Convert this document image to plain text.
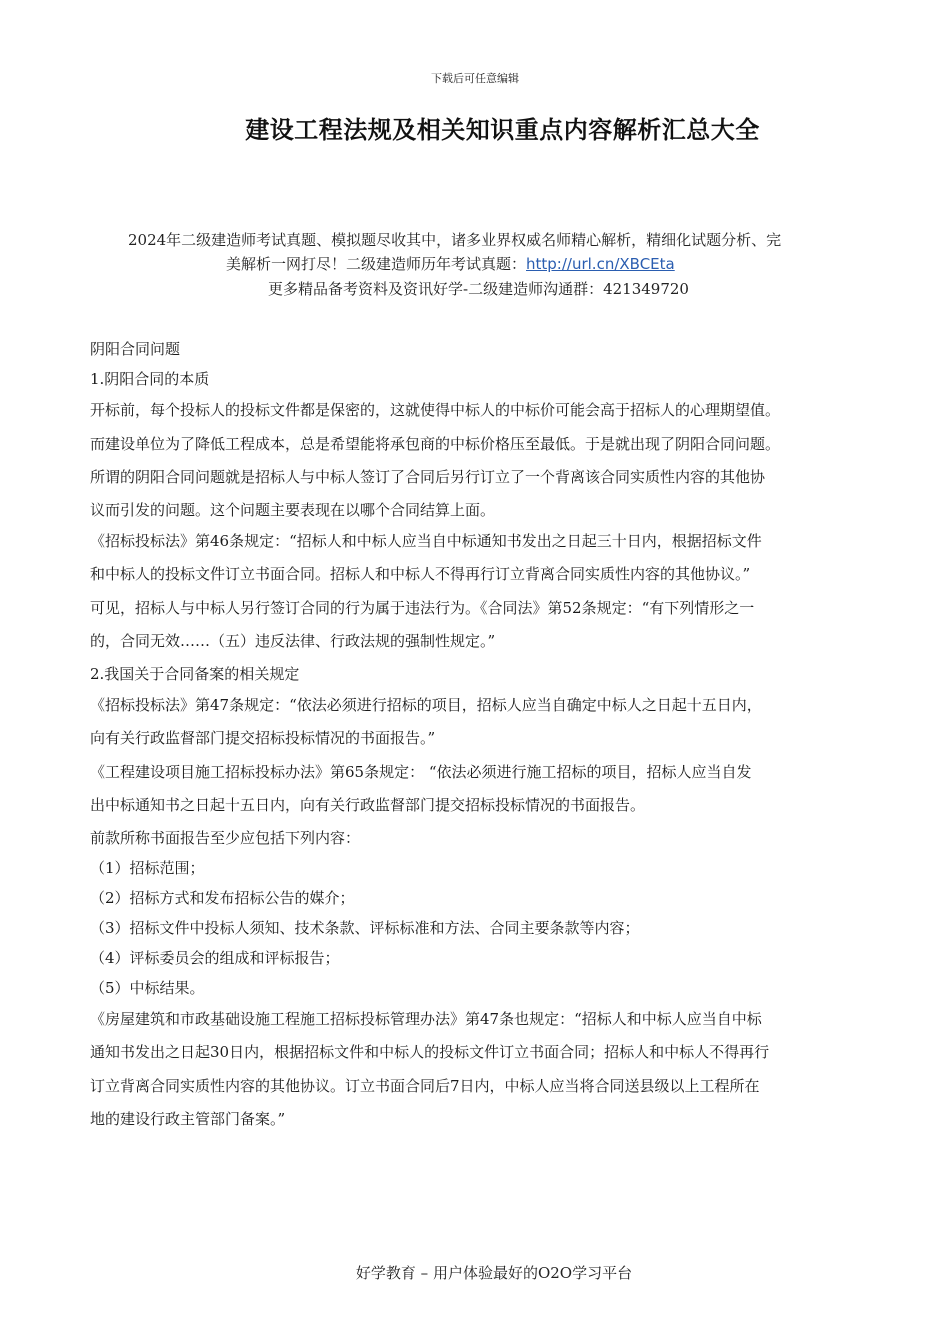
下载后可任意编辑
建设工程法规及相关知识重点内容解析汇总大全
2024年二级建造师考试真题、模拟题尽收其中，诸多业界权威名师精心解析，精细化试题分析、完
美解析一网打尽！二级建造师历年考试真题：http://url.cn/XBCEta
更多精品备考资料及资讯好学-二级建造师沟通群：421349720

阴阳合同问题

1.阴阳合同的本质

开标前，每个投标人的投标文件都是保密的，这就使得中标人的中标价可能会高于招标人的心理期望值。

而建设单位为了降低工程成本，总是希望能将承包商的中标价格压至最低。于是就出现了阴阳合同问题。

所谓的阴阳合同问题就是招标人与中标人签订了合同后另行订立了一个背离该合同实质性内容的其他协

议而引发的问题。这个问题主要表现在以哪个合同结算上面。

《招标投标法》第46条规定：“招标人和中标人应当自中标通知书发出之日起三十日内，根据招标文件

和中标人的投标文件订立书面合同。招标人和中标人不得再行订立背离合同实质性内容的其他协议。”

可见，招标人与中标人另行签订合同的行为属于违法行为。《合同法》第52条规定：“有下列情形之一

的，合同无效……（五）违反法律、行政法规的强制性规定。”

2.我国关于合同备案的相关规定

《招标投标法》第47条规定：“依法必须进行招标的项目，招标人应当自确定中标人之日起十五日内，

向有关行政监督部门提交招标投标情况的书面报告。”

《工程建设项目施工招标投标办法》第65条规定： “依法必须进行施工招标的项目，招标人应当自发

出中标通知书之日起十五日内，向有关行政监督部门提交招标投标情况的书面报告。

前款所称书面报告至少应包括下列内容：

（1）招标范围；

（2）招标方式和发布招标公告的媒介；

（3）招标文件中投标人须知、技术条款、评标标准和方法、合同主要条款等内容；

（4）评标委员会的组成和评标报告；

（5）中标结果。

《房屋建筑和市政基础设施工程施工招标投标管理办法》第47条也规定：“招标人和中标人应当自中标

通知书发出之日起30日内，根据招标文件和中标人的投标文件订立书面合同；招标人和中标人不得再行

订立背离合同实质性内容的其他协议。订立书面合同后7日内，中标人应当将合同送县级以上工程所在

地的建设行政主管部门备案。”

好学教育 – 用户体验最好的O2O学习平台
